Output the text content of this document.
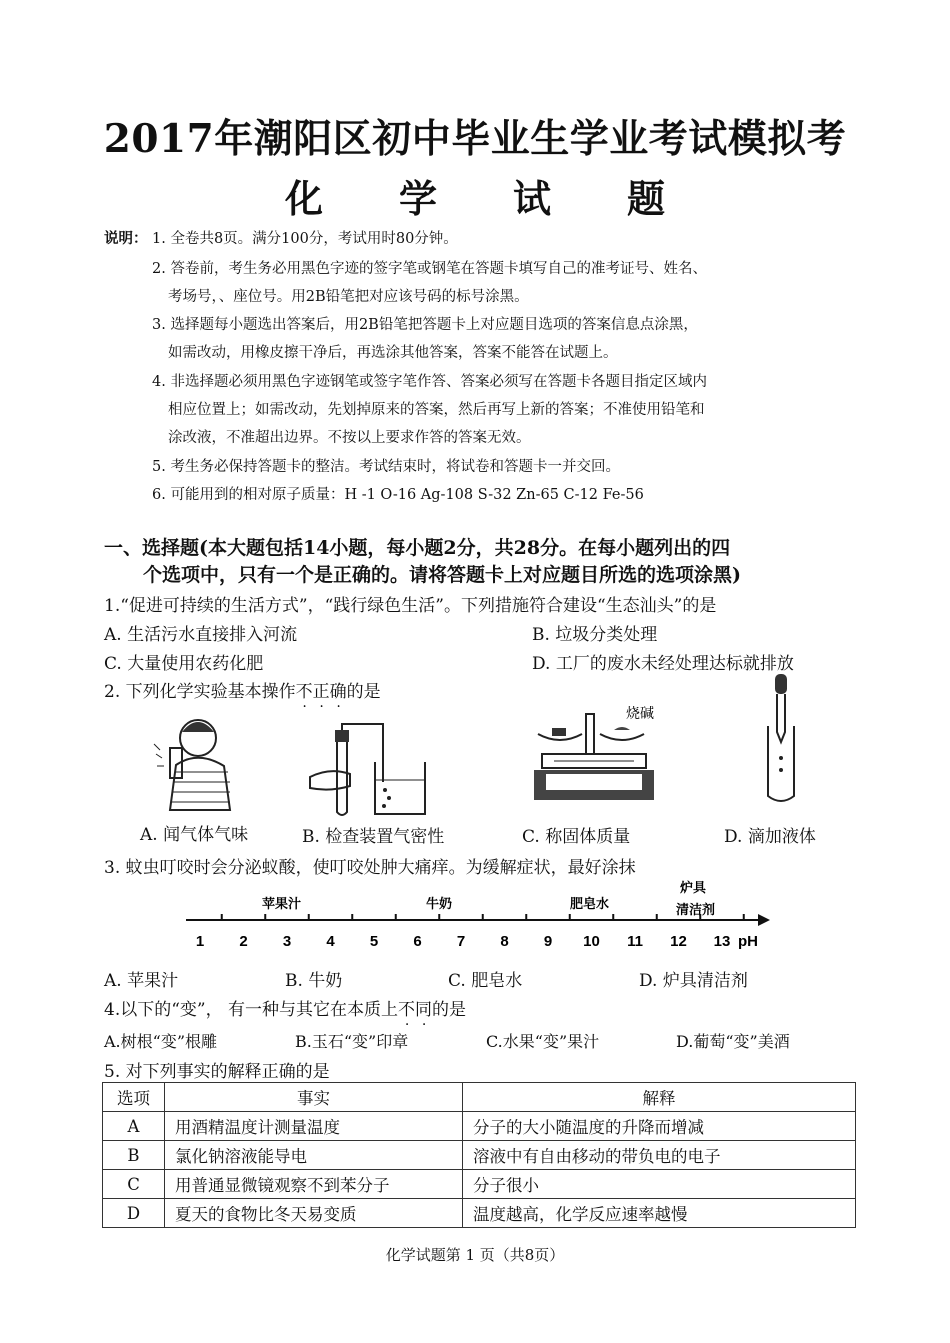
2017年潮阳区初中毕业生学业考试模拟考
化 学 试 题
说明： 1. 全卷共8页。满分100分，考试用时80分钟。
2. 答卷前，考生务必用黑色字迹的签字笔或钢笔在答题卡填写自己的准考证号、姓名、
考场号，、座位号。用2B铅笔把对应该号码的标号涂黑。
3. 选择题每小题选出答案后，用2B铅笔把答题卡上对应题目选项的答案信息点涂黑，
如需改动，用橡皮擦干净后，再选涂其他答案，答案不能答在试题上。
4. 非选择题必须用黑色字迹钢笔或签字笔作答、答案必须写在答题卡各题目指定区域内
相应位置上；如需改动，先划掉原来的答案，然后再写上新的答案；不准使用铅笔和
涂改液，不准超出边界。不按以上要求作答的答案无效。
5. 考生务必保持答题卡的整洁。考试结束时，将试卷和答题卡一并交回。
6. 可能用到的相对原子质量：H -1 O-16 Ag-108 S-32 Zn-65 C-12 Fe-56
一、选择题(本大题包括14小题，每小题2分，共28分。在每小题列出的四
个选项中，只有一个是正确的。请将答题卡上对应题目所选的选项涂黑)
1.“促进可持续的生活方式”，“践行绿色生活”。下列措施符合建设“生态汕头”的是
A. 生活污水直接排入河流	B. 垃圾分类处理
C. 大量使用农药化肥	D. 工厂的废水未经处理达标就排放
2. 下列化学实验基本操作不正确的是
烧碱
A. 闻气体气味	B. 检查装置气密性	C. 称固体质量	D. 滴加液体
3. 蚊虫叮咬时会分泌蚁酸，使叮咬处肿大痛痒。为缓解症状，最好涂抹
苹果汁	牛奶	肥皂水
炉具
清洁剂
1 2 3 4 5 6 7 8 9 10 11 12 13 pH
A. 苹果汁	B. 牛奶	C. 肥皂水	D. 炉具清洁剂
4.以下的“变”， 有一种与其它在本质上不同的是
A.树根“变”根雕	B.玉石“变”印章	C.水果“变”果汁	D.葡萄“变”美酒
5. 对下列事实的解释正确的是
选项	事实	解释
A	用酒精温度计测量温度	分子的大小随温度的升降而增减
B	氯化钠溶液能导电	溶液中有自由移动的带负电的电子
C	用普通显微镜观察不到苯分子	分子很小
D	夏天的食物比冬天易变质	温度越高，化学反应速率越慢
化学试题第 1 页（共8页）
